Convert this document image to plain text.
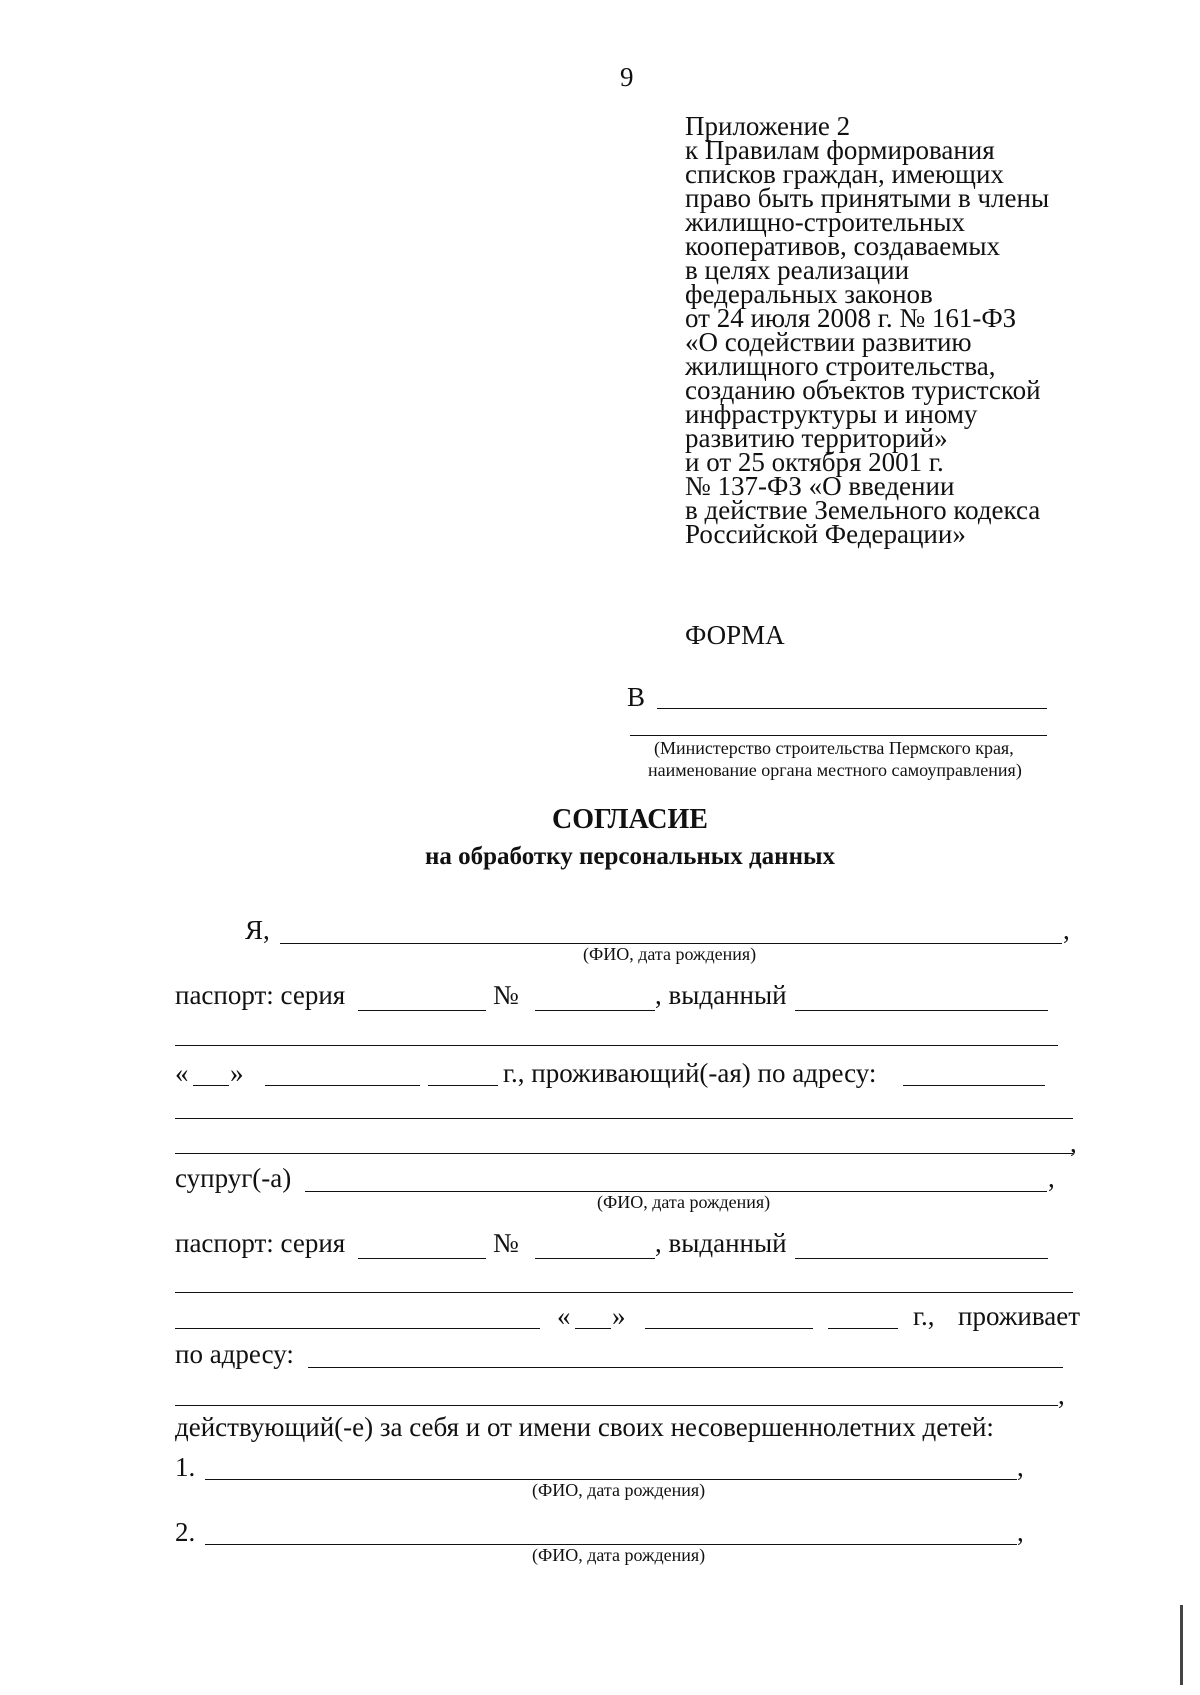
9
Приложение 2
к Правилам формирования
списков граждан, имеющих
право быть принятыми в члены
жилищно-строительных
кооперативов, создаваемых
в целях реализации
федеральных законов
от 24 июля 2008 г. № 161-ФЗ
«О содействии развитию
жилищного строительства,
созданию объектов туристской
инфраструктуры и иному
развитию территорий»
и от 25 октября 2001 г.
№ 137-ФЗ «О введении
в действие Земельного кодекса
Российской Федерации»
ФОРМА
В
(Министерство строительства Пермского края,
наименование органа местного самоуправления)
СОГЛАСИЕ
на обработку персональных данных
Я,	,
(ФИО, дата рождения)
паспорт: серия	№	, выданный
« »	г., проживающий(-ая) по адресу:
,
супруг(-а)	,
(ФИО, дата рождения)
паспорт: серия	№	, выданный
« »	г., проживает
по адресу:
,
действующий(-е) за себя и от имени своих несовершеннолетних детей:
1.	,
(ФИО, дата рождения)
2.	,
(ФИО, дата рождения)
